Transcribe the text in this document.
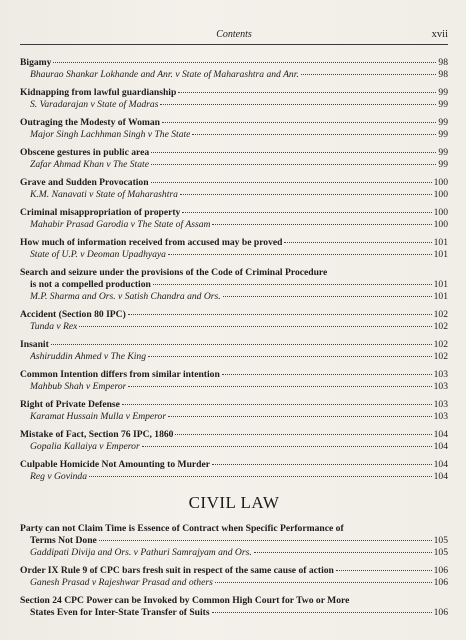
Contents	xvii
Bigamy	98
Bhaurao Shankar Lokhande and Anr. v State of Maharashtra and Anr.	98
Kidnapping from lawful guardianship	99
S. Varadarajan v State of Madras	99
Outraging the Modesty of Woman	99
Major Singh Lachhman Singh v The State	99
Obscene gestures in public area	99
Zafar Ahmad Khan v The State	99
Grave and Sudden Provocation	100
K.M. Nanavati v State of Maharashtra	100
Criminal misappropriation of property	100
Mahabir Prasad Garodia v The State of Assam	100
How much of information received from accused may be proved	101
State of U.P. v Deoman Upadhyaya	101
Search and seizure under the provisions of the Code of Criminal Procedure
is not a compelled production	101
M.P. Sharma and Ors. v Satish Chandra and Ors.	101
Accident (Section 80 IPC)	102
Tunda v Rex	102
Insanit	102
Ashiruddin Ahmed v The King	102
Common Intention differs from similar intention	103
Mahbub Shah v Emperor	103
Right of Private Defense	103
Karamat Hussain Mulla v Emperor	103
Mistake of Fact, Section 76 IPC, 1860	104
Gopalia Kallaiya v Emperor	104
Culpable Homicide Not Amounting to Murder	104
Reg v Govinda	104
CIVIL LAW
Party can not Claim Time is Essence of Contract when Specific Performance of
Terms Not Done	105
Gaddipati Divija and Ors. v Pathuri Samrajyam and Ors.	105
Order IX Rule 9 of CPC bars fresh suit in respect of the same cause of action	106
Ganesh Prasad v Rajeshwar Prasad and others	106
Section 24 CPC Power can be Invoked by Common High Court for Two or More
States Even for Inter-State Transfer of Suits	106
